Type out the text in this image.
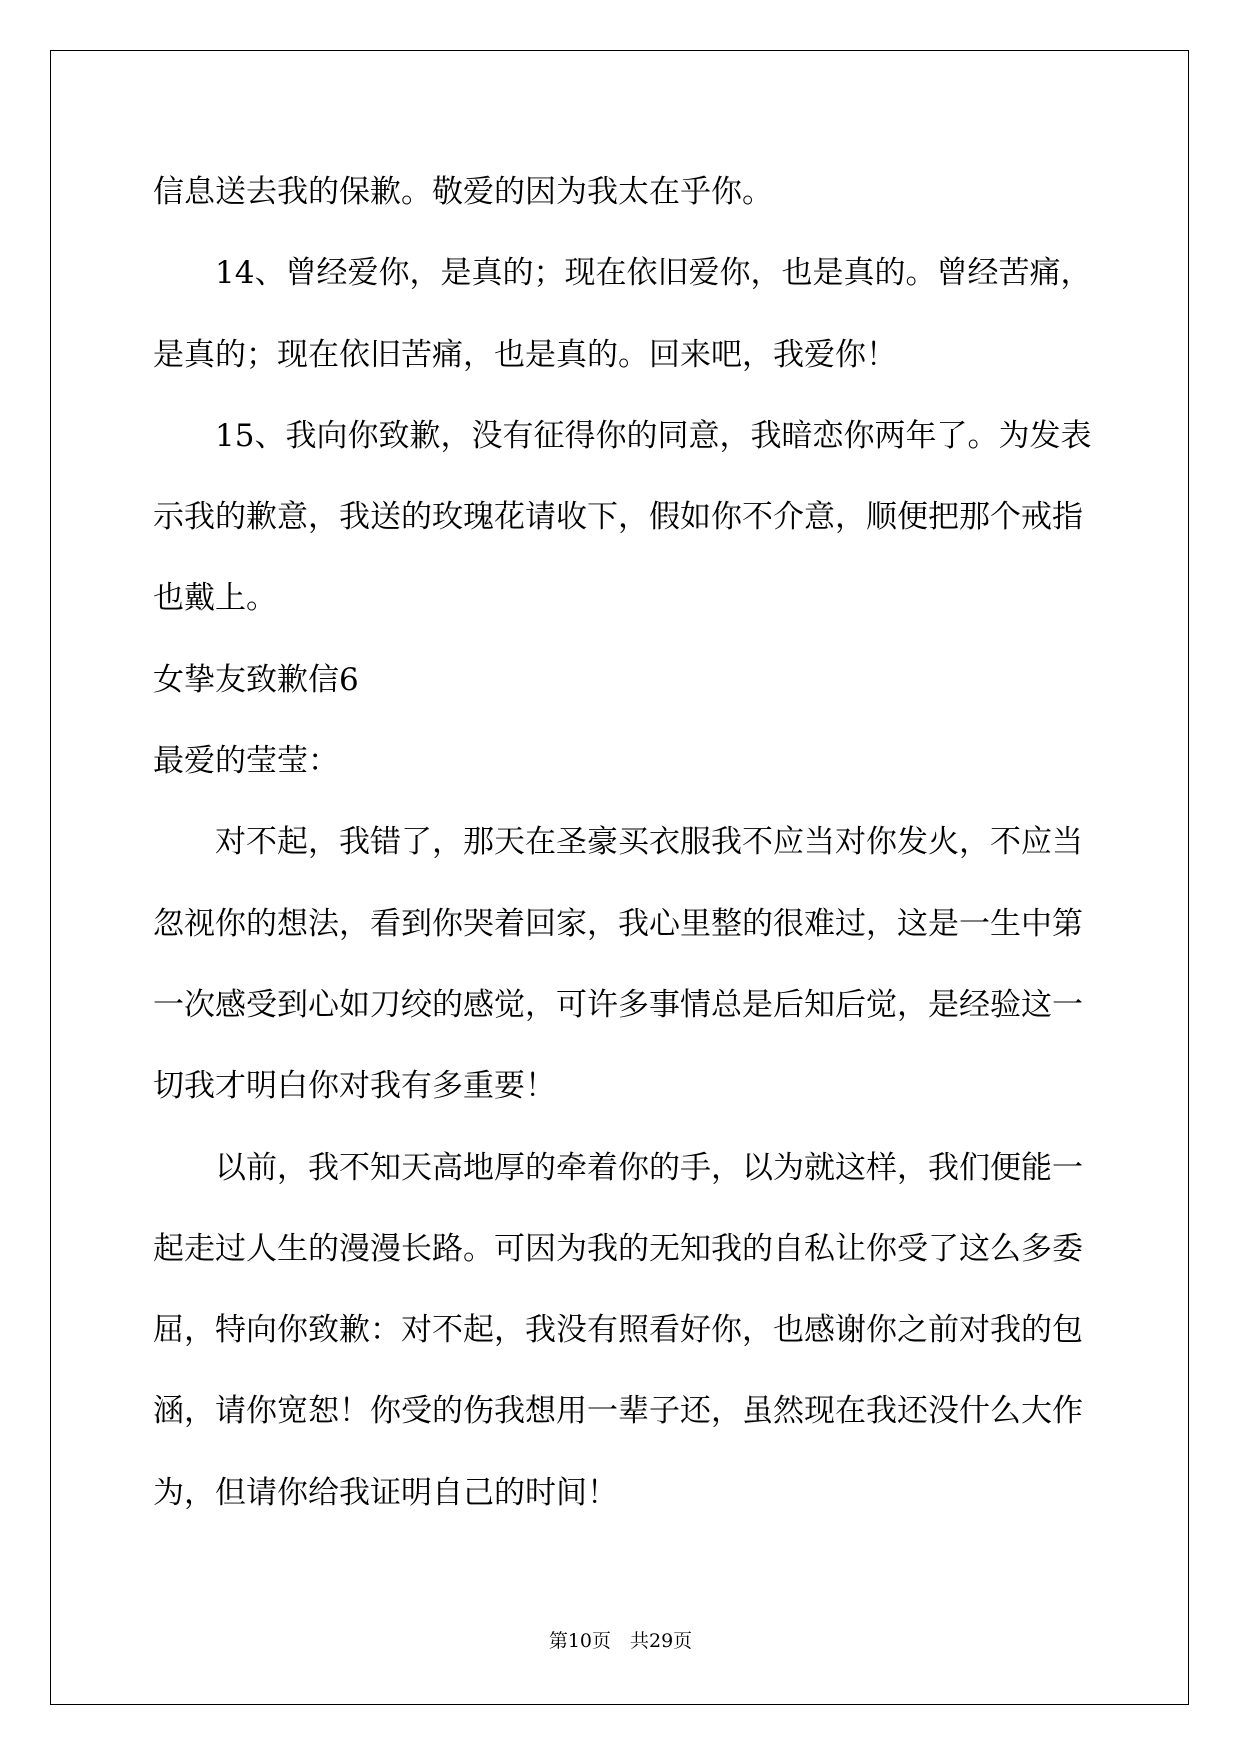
信息送去我的保歉。敬爱的因为我太在乎你。
14、曾经爱你，是真的；现在依旧爱你，也是真的。曾经苦痛，
是真的；现在依旧苦痛，也是真的。回来吧，我爱你！
15、我向你致歉，没有征得你的同意，我暗恋你两年了。为发表
示我的歉意，我送的玫瑰花请收下，假如你不介意，顺便把那个戒指
也戴上。
女挚友致歉信6
最爱的莹莹：
对不起，我错了，那天在圣豪买衣服我不应当对你发火，不应当
忽视你的想法，看到你哭着回家，我心里整的很难过，这是一生中第
一次感受到心如刀绞的感觉，可许多事情总是后知后觉，是经验这一
切我才明白你对我有多重要！
以前，我不知天高地厚的牵着你的手，以为就这样，我们便能一
起走过人生的漫漫长路。可因为我的无知我的自私让你受了这么多委
屈，特向你致歉：对不起，我没有照看好你，也感谢你之前对我的包
涵，请你宽恕！你受的伤我想用一辈子还，虽然现在我还没什么大作
为，但请你给我证明自己的时间！
第10页　共29页
